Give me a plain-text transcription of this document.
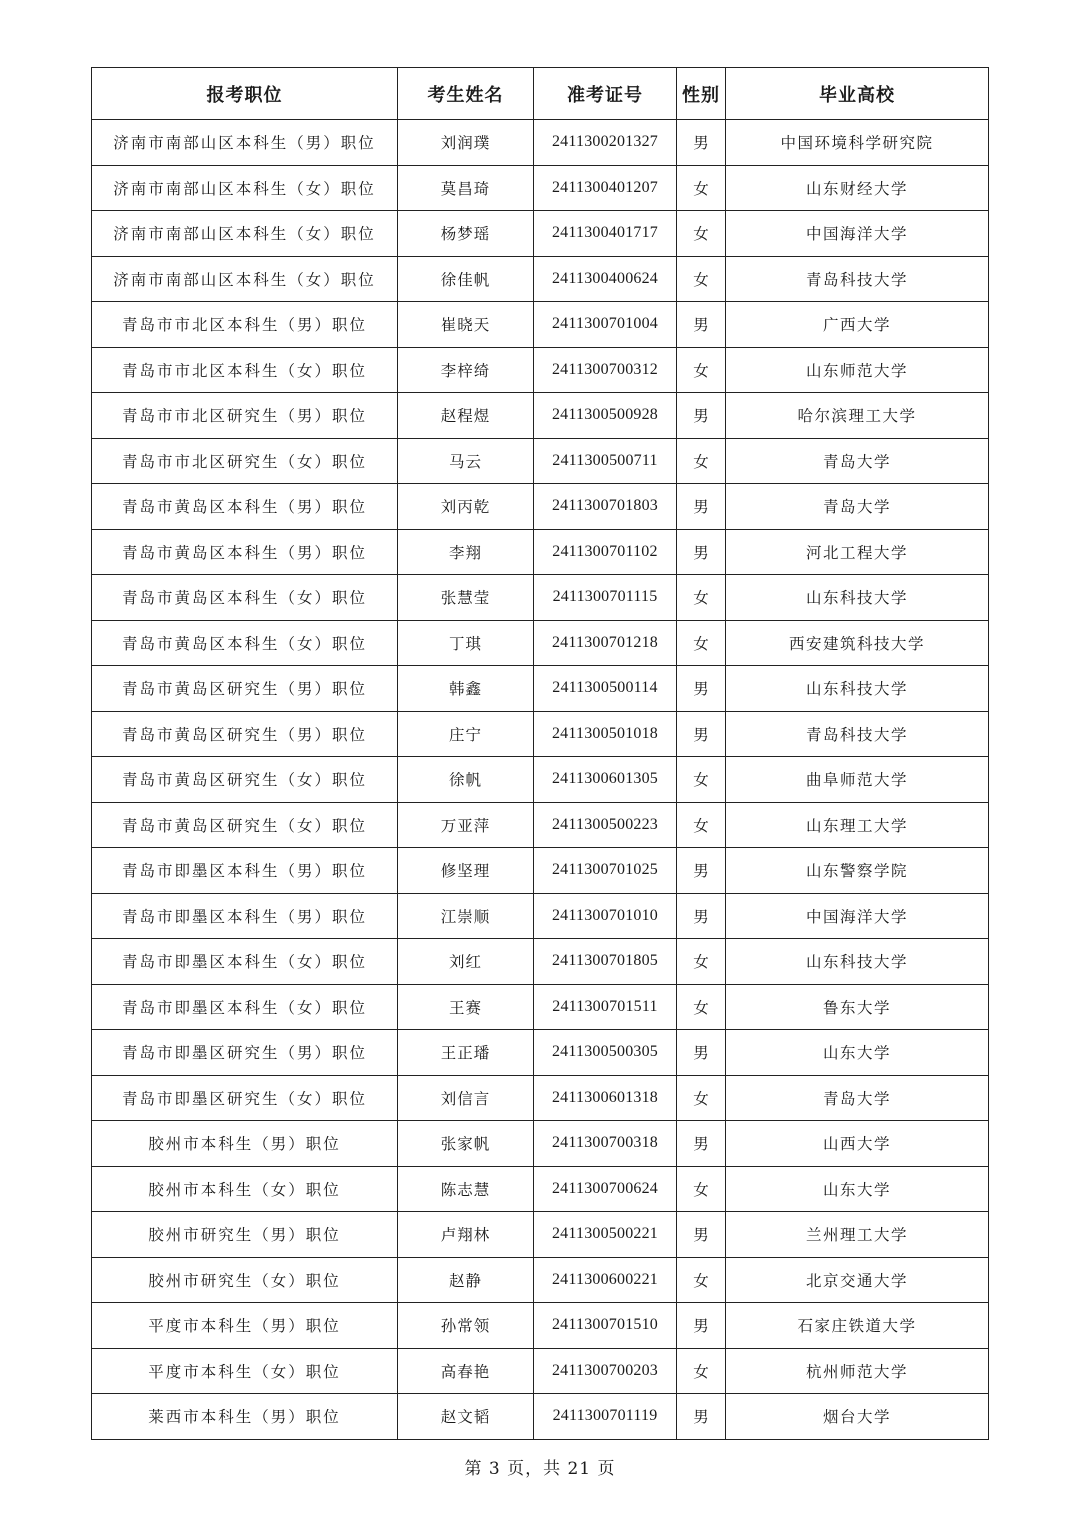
报考职位	考生姓名	准考证号	性别	毕业高校
济南市南部山区本科生（男）职位	刘润璞	2411300201327	男	中国环境科学研究院
济南市南部山区本科生（女）职位	莫昌琦	2411300401207	女	山东财经大学
济南市南部山区本科生（女）职位	杨梦瑶	2411300401717	女	中国海洋大学
济南市南部山区本科生（女）职位	徐佳帆	2411300400624	女	青岛科技大学
青岛市市北区本科生（男）职位	崔晓天	2411300701004	男	广西大学
青岛市市北区本科生（女）职位	李梓绮	2411300700312	女	山东师范大学
青岛市市北区研究生（男）职位	赵程煜	2411300500928	男	哈尔滨理工大学
青岛市市北区研究生（女）职位	马云	2411300500711	女	青岛大学
青岛市黄岛区本科生（男）职位	刘丙乾	2411300701803	男	青岛大学
青岛市黄岛区本科生（男）职位	李翔	2411300701102	男	河北工程大学
青岛市黄岛区本科生（女）职位	张慧莹	2411300701115	女	山东科技大学
青岛市黄岛区本科生（女）职位	丁琪	2411300701218	女	西安建筑科技大学
青岛市黄岛区研究生（男）职位	韩鑫	2411300500114	男	山东科技大学
青岛市黄岛区研究生（男）职位	庄宁	2411300501018	男	青岛科技大学
青岛市黄岛区研究生（女）职位	徐帆	2411300601305	女	曲阜师范大学
青岛市黄岛区研究生（女）职位	万亚萍	2411300500223	女	山东理工大学
青岛市即墨区本科生（男）职位	修坚理	2411300701025	男	山东警察学院
青岛市即墨区本科生（男）职位	江崇顺	2411300701010	男	中国海洋大学
青岛市即墨区本科生（女）职位	刘红	2411300701805	女	山东科技大学
青岛市即墨区本科生（女）职位	王赛	2411300701511	女	鲁东大学
青岛市即墨区研究生（男）职位	王正璠	2411300500305	男	山东大学
青岛市即墨区研究生（女）职位	刘信言	2411300601318	女	青岛大学
胶州市本科生（男）职位	张家帆	2411300700318	男	山西大学
胶州市本科生（女）职位	陈志慧	2411300700624	女	山东大学
胶州市研究生（男）职位	卢翔林	2411300500221	男	兰州理工大学
胶州市研究生（女）职位	赵静	2411300600221	女	北京交通大学
平度市本科生（男）职位	孙常领	2411300701510	男	石家庄铁道大学
平度市本科生（女）职位	高春艳	2411300700203	女	杭州师范大学
莱西市本科生（男）职位	赵文韬	2411300701119	男	烟台大学
第 3 页，共 21 页
